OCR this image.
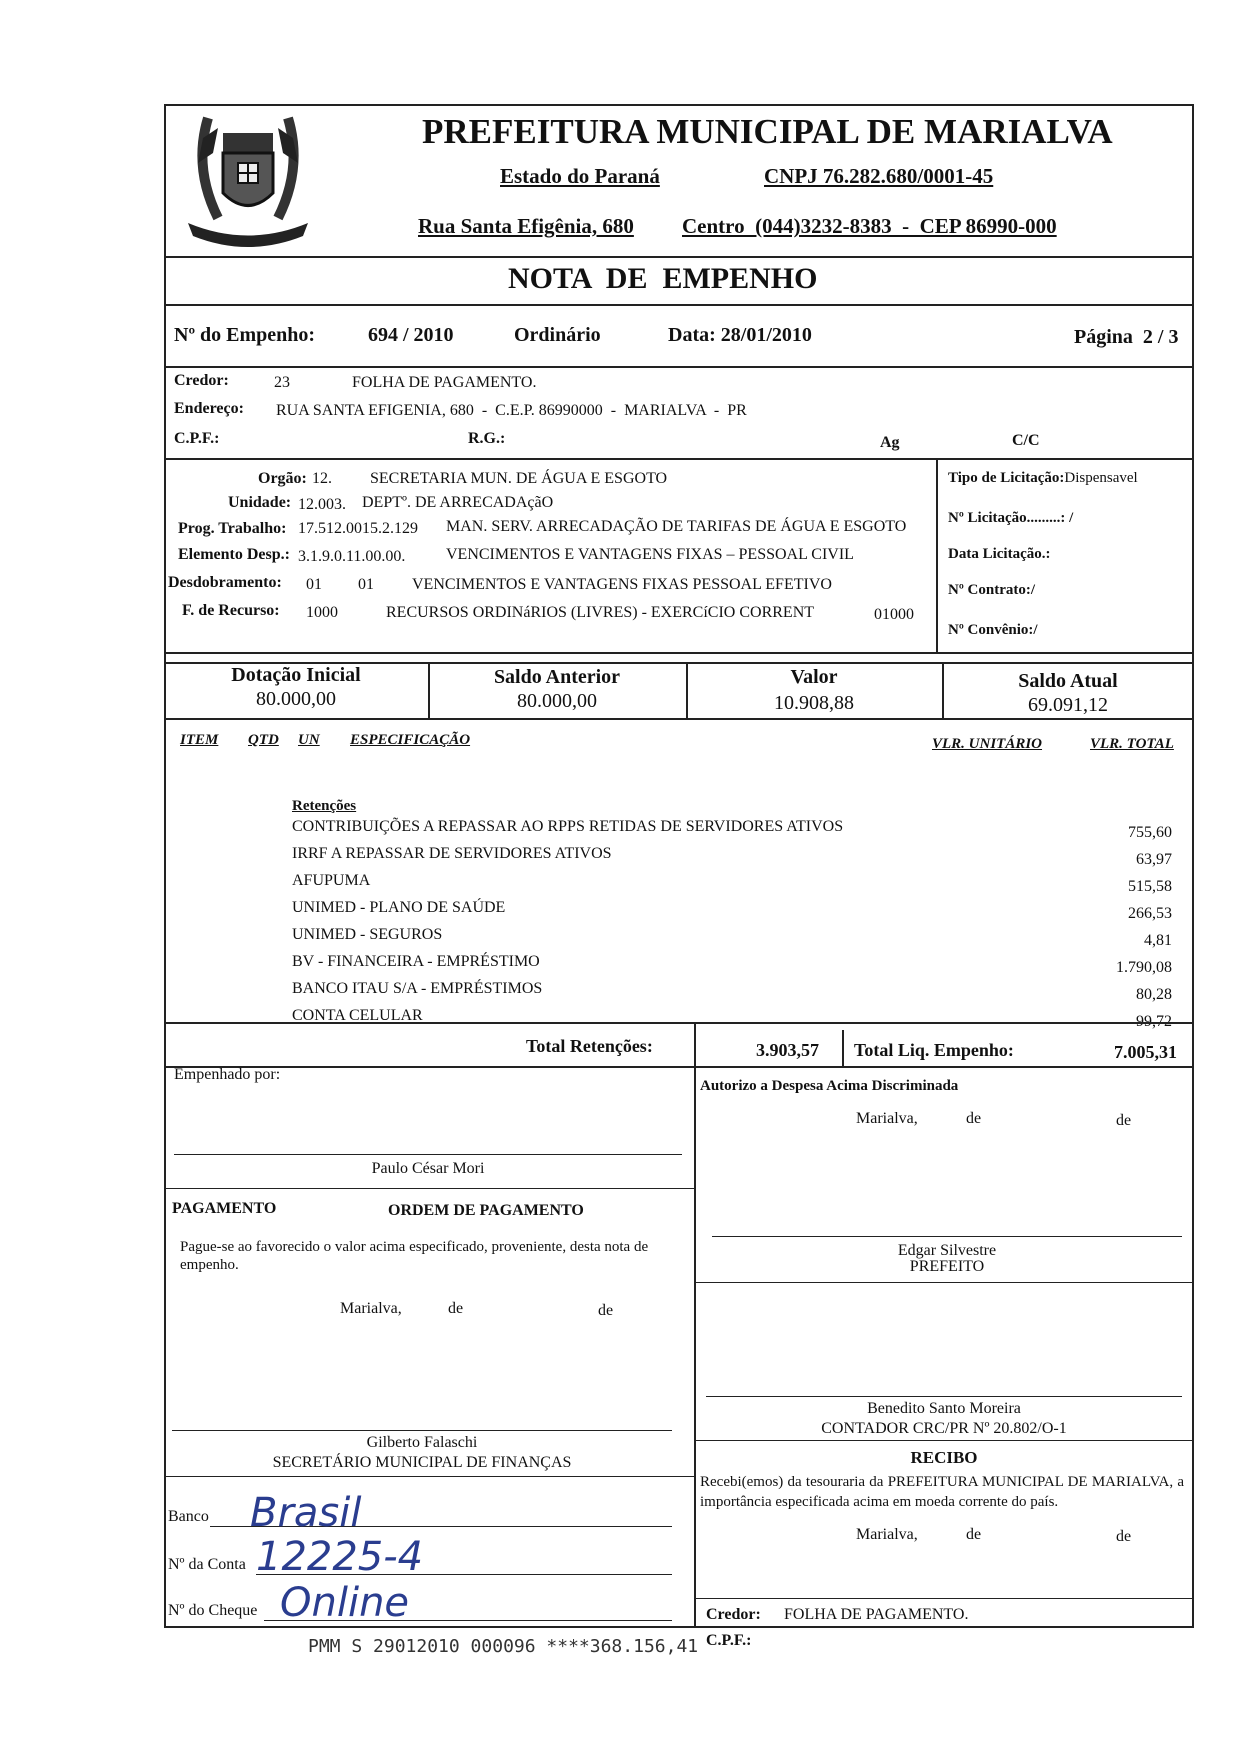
PREFEITURA MUNICIPAL DE MARIALVA
Estado do Paraná	CNPJ 76.282.680/0001-45
Rua Santa Efigênia, 680 Centro  (044)3232-8383  -  CEP 86990-000
NOTA  DE  EMPENHO
Nº do Empenho:	694 / 2010	Ordinário	Data: 28/01/2010	Página  2 / 3
Credor:	23	FOLHA DE PAGAMENTO.
Endereço: RUA SANTA EFIGENIA, 680  -  C.E.P. 86990000  -  MARIALVA  -  PR
C.P.F.:	R.G.:	Ag	C/C
Orgão: 12. SECRETARIA MUN. DE ÁGUA E ESGOTO
Unidade: 12.003. DEPTº. DE ARRECADAçãO
Prog. Trabalho: 17.512.0015.2.129 MAN. SERV. ARRECADAÇÃO DE TARIFAS DE ÁGUA E ESGOTO
Elemento Desp.: 3.1.9.0.11.00.00.	VENCIMENTOS E VANTAGENS FIXAS – PESSOAL CIVIL
Desdobramento: 01 01 VENCIMENTOS E VANTAGENS FIXAS PESSOAL EFETIVO
F. de Recurso: 1000	RECURSOS ORDINáRIOS (LIVRES) - EXERCíCIO CORRENT	01000
Tipo de Licitação:Dispensavel
Nº Licitação.........: /
Data Licitação.:
Nº Contrato:/
Nº Convênio:/
Dotação Inicial
80.000,00
Saldo Anterior
80.000,00
Valor
10.908,88
Saldo Atual
69.091,12
ITEM QTD UN ESPECIFICAÇÃO	VLR. UNITÁRIO	VLR. TOTAL
Retenções
CONTRIBUIÇÕES A REPASSAR AO RPPS RETIDAS DE SERVIDORES ATIVOS	755,60
IRRF A REPASSAR DE SERVIDORES ATIVOS	63,97
AFUPUMA	515,58
UNIMED - PLANO DE SAÚDE	266,53
UNIMED - SEGUROS	4,81
BV - FINANCEIRA - EMPRÉSTIMO	1.790,08
BANCO ITAU S/A - EMPRÉSTIMOS	80,28
CONTA CELULAR	99,72
Total Retenções:	3.903,57 Total Liq. Empenho:	7.005,31
Empenhado por:
Autorizo a Despesa Acima Discriminada
Marialva,	de	de
Paulo César Mori
PAGAMENTO	ORDEM DE PAGAMENTO
Pague-se ao favorecido o valor acima especificado, proveniente, desta nota de empenho.
Marialva,	de	de
Edgar Silvestre
PREFEITO
Benedito Santo Moreira
CONTADOR CRC/PR Nº 20.802/O-1
Gilberto Falaschi
SECRETÁRIO MUNICIPAL DE FINANÇAS	RECIBO
Recebi(emos) da tesouraria da PREFEITURA MUNICIPAL DE MARIALVA, a importância especificada acima em moeda corrente do país.
Marialva,	de	de
Banco Brasil
Nº da Conta 12225-4
Nº do Cheque Online	Credor: FOLHA DE PAGAMENTO.
C.P.F.:
PMM S 29012010 000096 ****368.156,41
